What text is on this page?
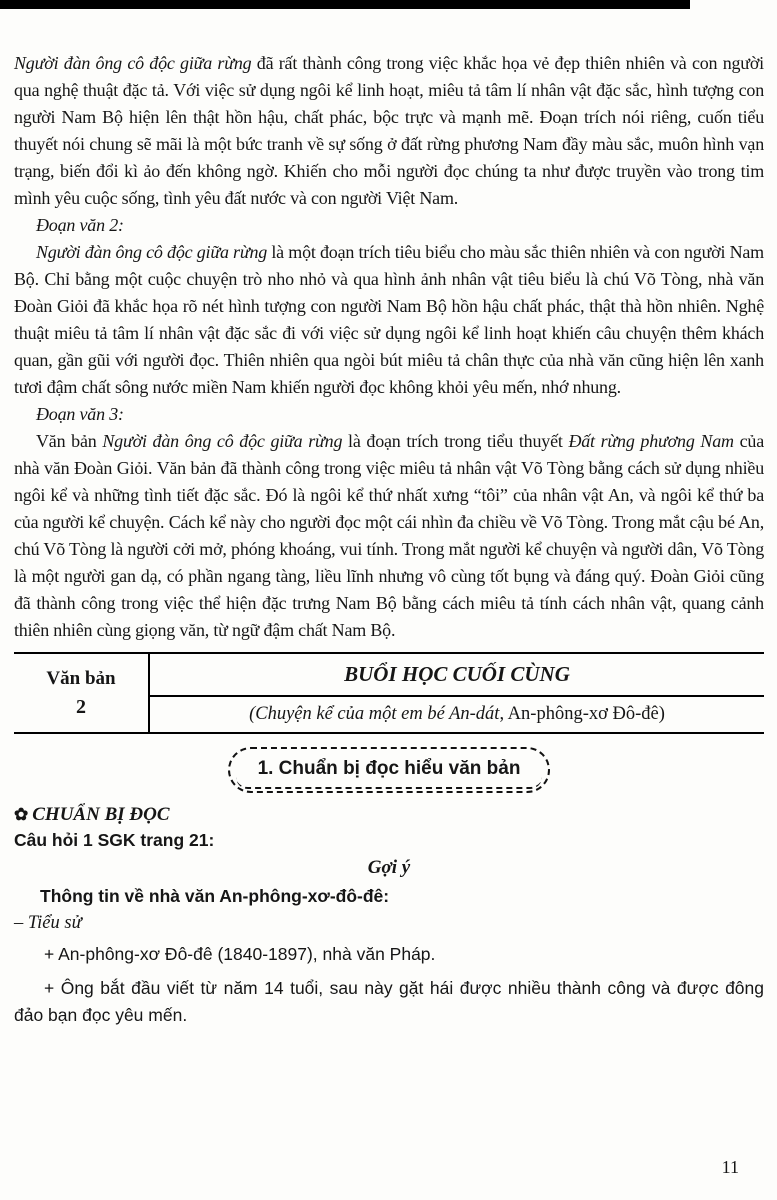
Người đàn ông cô độc giữa rừng đã rất thành công trong việc khắc họa vẻ đẹp thiên nhiên và con người qua nghệ thuật đặc tả. Với việc sử dụng ngôi kể linh hoạt, miêu tả tâm lí nhân vật đặc sắc, hình tượng con người Nam Bộ hiện lên thật hồn hậu, chất phác, bộc trực và mạnh mẽ. Đoạn trích nói riêng, cuốn tiểu thuyết nói chung sẽ mãi là một bức tranh về sự sống ở đất rừng phương Nam đầy màu sắc, muôn hình vạn trạng, biến đổi kì ảo đến không ngờ. Khiến cho mỗi người đọc chúng ta như được truyền vào trong tim mình yêu cuộc sống, tình yêu đất nước và con người Việt Nam.

Đoạn văn 2:

Người đàn ông cô độc giữa rừng là một đoạn trích tiêu biểu cho màu sắc thiên nhiên và con người Nam Bộ. Chỉ bằng một cuộc chuyện trò nho nhỏ và qua hình ảnh nhân vật tiêu biểu là chú Võ Tòng, nhà văn Đoàn Giỏi đã khắc họa rõ nét hình tượng con người Nam Bộ hồn hậu chất phác, thật thà hồn nhiên. Nghệ thuật miêu tả tâm lí nhân vật đặc sắc đi với việc sử dụng ngôi kể linh hoạt khiến câu chuyện thêm khách quan, gần gũi với người đọc. Thiên nhiên qua ngòi bút miêu tả chân thực của nhà văn cũng hiện lên xanh tươi đậm chất sông nước miền Nam khiến người đọc không khỏi yêu mến, nhớ nhung.

Đoạn văn 3:

Văn bản Người đàn ông cô độc giữa rừng là đoạn trích trong tiểu thuyết Đất rừng phương Nam của nhà văn Đoàn Giỏi. Văn bản đã thành công trong việc miêu tả nhân vật Võ Tòng bằng cách sử dụng nhiều ngôi kể và những tình tiết đặc sắc. Đó là ngôi kể thứ nhất xưng “tôi” của nhân vật An, và ngôi kể thứ ba của người kể chuyện. Cách kể này cho người đọc một cái nhìn đa chiều về Võ Tòng. Trong mắt cậu bé An, chú Võ Tòng là người cởi mở, phóng khoáng, vui tính. Trong mắt người kể chuyện và người dân, Võ Tòng là một người gan dạ, có phần ngang tàng, liều lĩnh nhưng vô cùng tốt bụng và đáng quý. Đoàn Giỏi cũng đã thành công trong việc thể hiện đặc trưng Nam Bộ bằng cách miêu tả tính cách nhân vật, quang cảnh thiên nhiên cùng giọng văn, từ ngữ đậm chất Nam Bộ.

Văn bản
2
BUỔI HỌC CUỐI CÙNG
(Chuyện kể của một em bé An-dát, An-phông-xơ Đô-đê)
1. Chuẩn bị đọc hiểu văn bản

✿ CHUẨN BỊ ĐỌC

Câu hỏi 1 SGK trang 21:

Gợi ý

Thông tin về nhà văn An-phông-xơ-đô-đê:

– Tiểu sử

+ An-phông-xơ Đô-đê (1840-1897), nhà văn Pháp.

+ Ông bắt đầu viết từ năm 14 tuổi, sau này gặt hái được nhiều thành công và được đông đảo bạn đọc yêu mến.

11
